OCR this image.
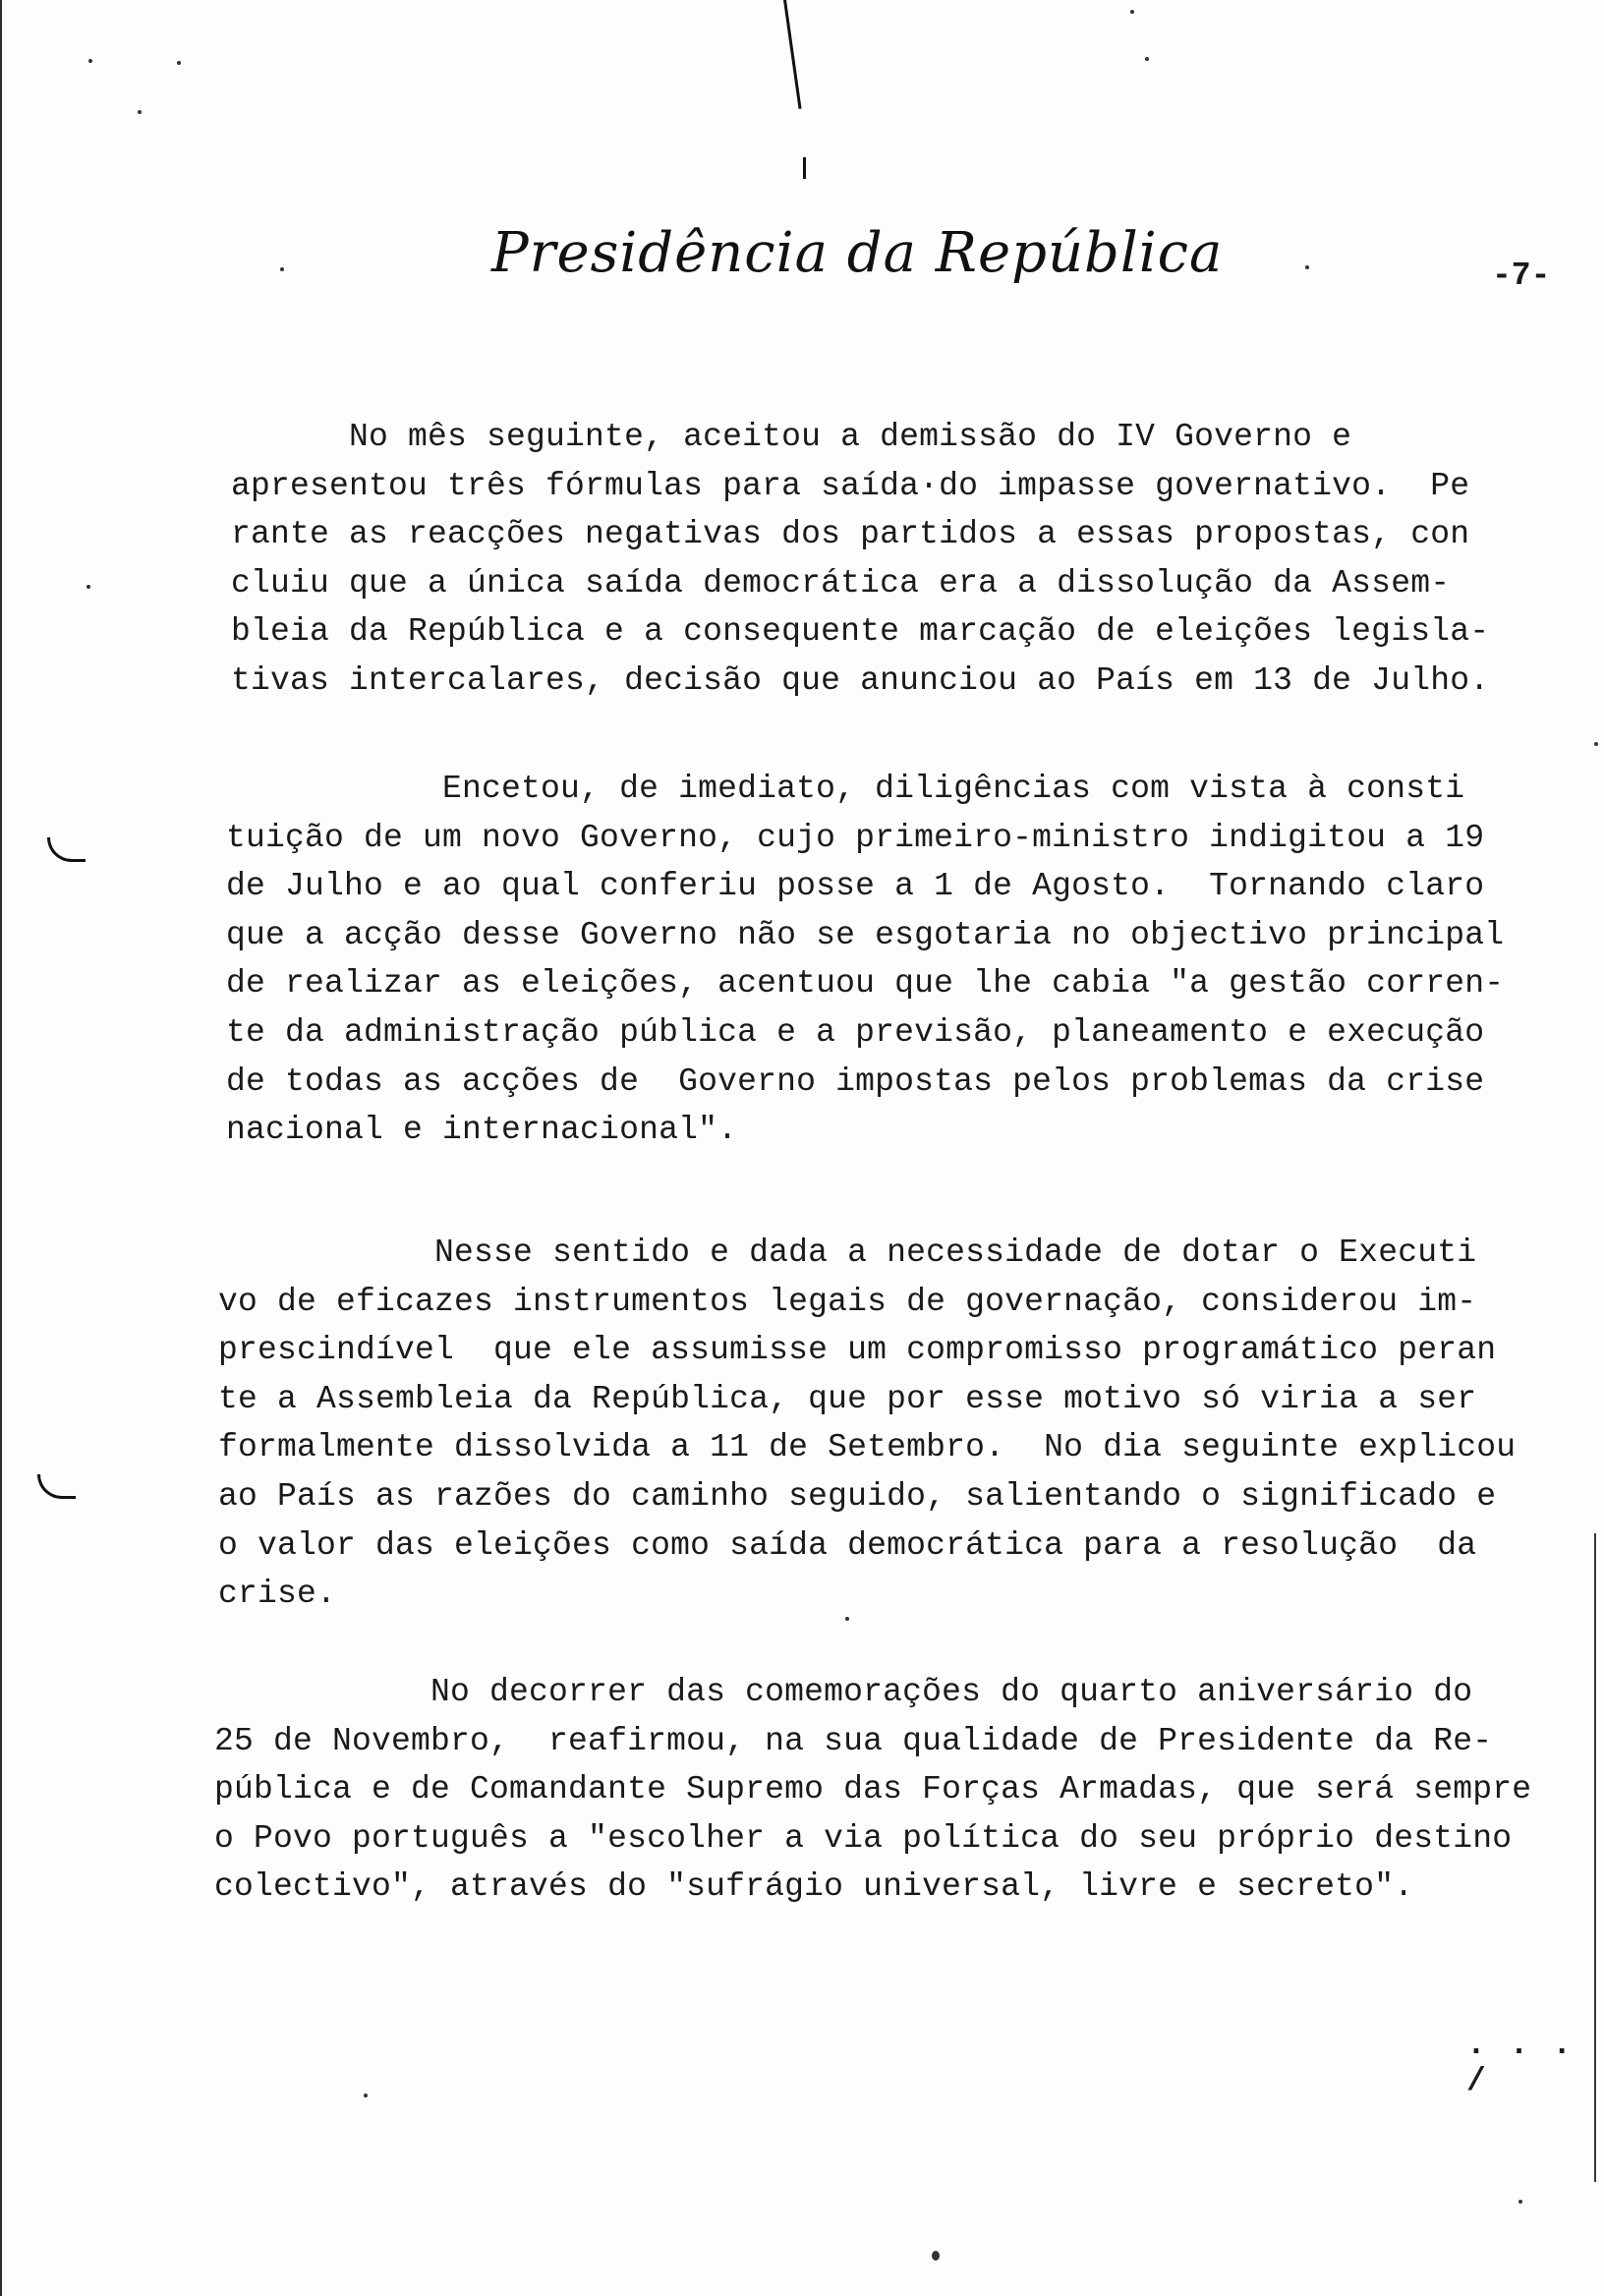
Presidência da República	-7-
No mês seguinte, aceitou a demissão do IV Governo e
apresentou três fórmulas para saída·do impasse governativo.  Pe
rante as reacções negativas dos partidos a essas propostas, con
cluiu que a única saída democrática era a dissolução da Assem-
bleia da República e a consequente marcação de eleições legisla-
tivas intercalares, decisão que anunciou ao País em 13 de Julho.
Encetou, de imediato, diligências com vista à consti
tuição de um novo Governo, cujo primeiro-ministro indigitou a 19
de Julho e ao qual conferiu posse a 1 de Agosto.  Tornando claro
que a acção desse Governo não se esgotaria no objectivo principal
de realizar as eleições, acentuou que lhe cabia "a gestão corren-
te da administração pública e a previsão, planeamento e execução
de todas as acções de  Governo impostas pelos problemas da crise
nacional e internacional".
Nesse sentido e dada a necessidade de dotar o Executi
vo de eficazes instrumentos legais de governação, considerou im-
prescindível  que ele assumisse um compromisso programático peran
te a Assembleia da República, que por esse motivo só viria a ser
formalmente dissolvida a 11 de Setembro.  No dia seguinte explicou
ao País as razões do caminho seguido, salientando o significado e
o valor das eleições como saída democrática para a resolução  da
crise.
No decorrer das comemorações do quarto aniversário do
25 de Novembro,  reafirmou, na sua qualidade de Presidente da Re-
pública e de Comandante Supremo das Forças Armadas, que será sempre
o Povo português a "escolher a via política do seu próprio destino
colectivo", através do "sufrágio universal, livre e secreto".
. . . /
